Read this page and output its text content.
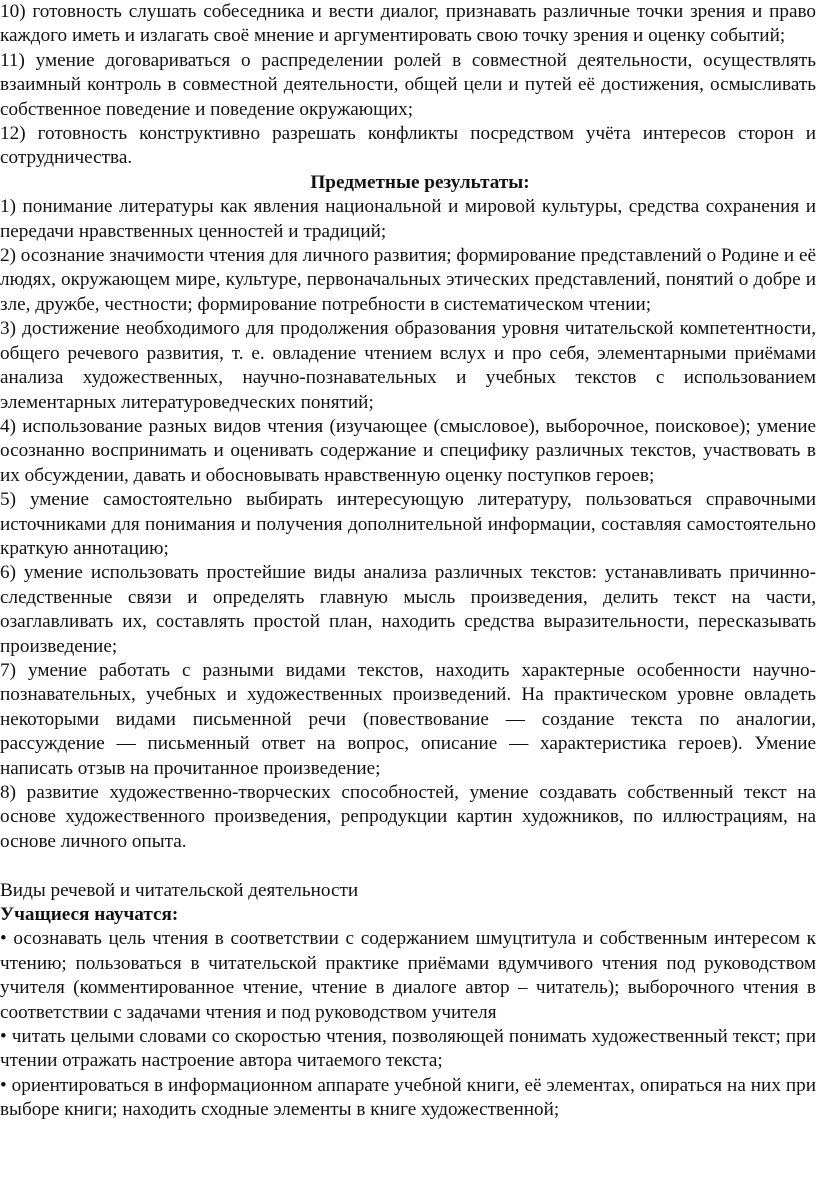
10) готовность слушать собеседника и вести диалог, признавать различные точки зрения и право каждого иметь и излагать своё мнение и аргументировать свою точку зрения и оценку событий;

11) умение договариваться о распределении ролей в совместной деятельности, осуществлять взаимный контроль в совместной деятельности, общей цели и путей её достижения, осмысливать собственное поведение и поведение окружающих;

12) готовность конструктивно разрешать конфликты посредством учёта интересов сторон и сотрудничества.

Предметные результаты:

1) понимание литературы как явления национальной и мировой культуры, средства сохранения и передачи нравственных ценностей и традиций;

2) осознание значимости чтения для личного развития; формирование представлений о Родине и её людях, окружающем мире, культуре, первоначальных этических представлений, понятий о добре и зле, дружбе, честности; формирование потребности в систематическом чтении;

3) достижение необходимого для продолжения образования уровня читательской компетентности, общего речевого развития, т. е. овладение чтением вслух и про себя, элементарными приёмами анализа художественных, научно-познавательных и учебных текстов с использованием элементарных литературоведческих понятий;

4) использование разных видов чтения (изучающее (смысловое), выборочное, поисковое); умение осознанно воспринимать и оценивать содержание и специфику различных текстов, участвовать в их обсуждении, давать и обосновывать нравственную оценку поступков героев;

5) умение самостоятельно выбирать интересующую литературу, пользоваться справочными источниками для понимания и получения дополнительной информации, составляя самостоятельно краткую аннотацию;

6) умение использовать простейшие виды анализа различных текстов: устанавливать причинно-следственные связи и определять главную мысль произведения, делить текст на части, озаглавливать их, составлять простой план, находить средства выразительности, пересказывать произведение;

7) умение работать с разными видами текстов, находить характерные особенности научно-познавательных, учебных и художественных произведений. На практическом уровне овладеть некоторыми видами письменной речи (повествование — создание текста по аналогии, рассуждение — письменный ответ на вопрос, описание — характеристика героев). Умение написать отзыв на прочитанное произведение;

8) развитие художественно-творческих способностей, умение создавать собственный текст на основе художественного произведения, репродукции картин художников, по иллюстрациям, на основе личного опыта.

Виды речевой и читательской деятельности

Учащиеся научатся:

• осознавать цель чтения в соответствии с содержанием шмуцтитула и собственным интересом к чтению; пользоваться в читательской практике приёмами вдумчивого чтения под руководством учителя (комментированное чтение, чтение в диалоге автор – читатель); выборочного чтения в соответствии с задачами чтения и под руководством учителя

• читать целыми словами со скоростью чтения, позволяющей понимать художественный текст; при чтении отражать настроение автора читаемого текста;

• ориентироваться в информационном аппарате учебной книги, её элементах, опираться на них при выборе книги; находить сходные элементы в книге художественной;
